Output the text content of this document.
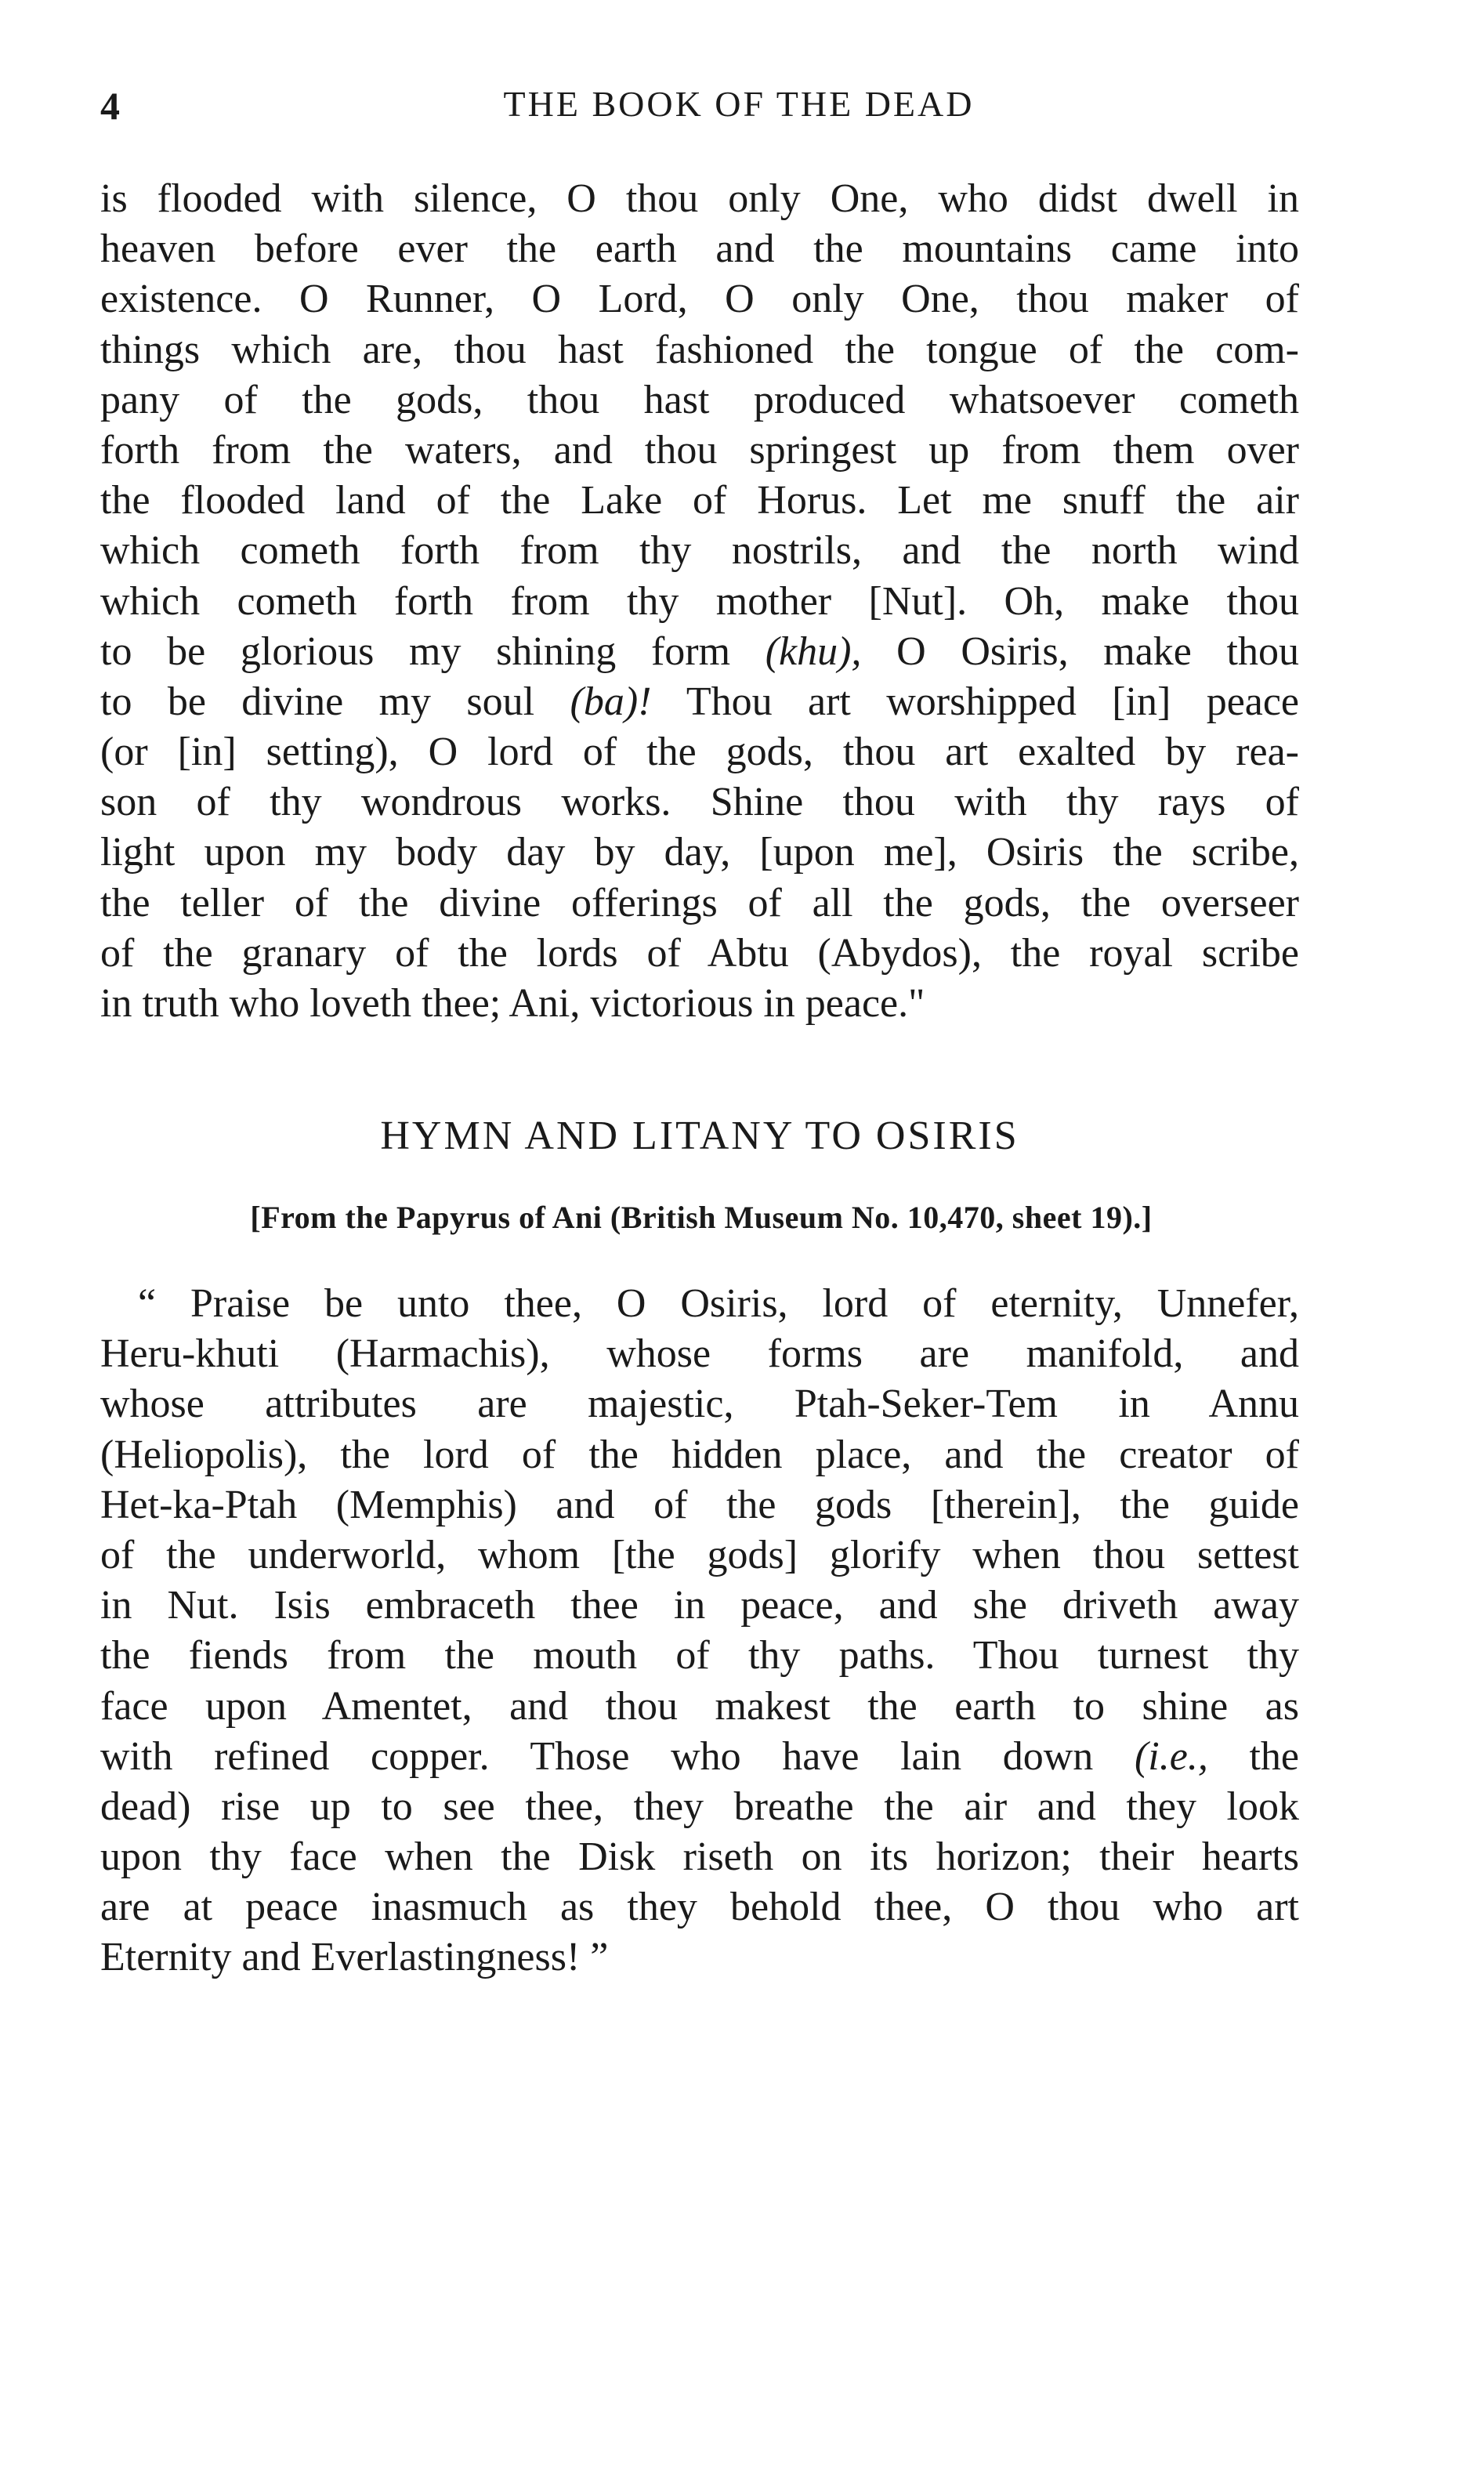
4	THE BOOK OF THE DEAD
is flooded with silence, O thou only One, who didst dwell in
heaven before ever the earth and the mountains came into
existence. O Runner, O Lord, O only One, thou maker of
things which are, thou hast fashioned the tongue of the com-
pany of the gods, thou hast produced whatsoever cometh
forth from the waters, and thou springest up from them over
the flooded land of the Lake of Horus. Let me snuff the air
which cometh forth from thy nostrils, and the north wind
which cometh forth from thy mother [Nut]. Oh, make thou
to be glorious my shining form (khu), O Osiris, make thou
to be divine my soul (ba)! Thou art worshipped [in] peace
(or [in] setting), O lord of the gods, thou art exalted by rea-
son of thy wondrous works. Shine thou with thy rays of
light upon my body day by day, [upon me], Osiris the scribe,
the teller of the divine offerings of all the gods, the overseer
of the granary of the lords of Abtu (Abydos), the royal scribe
in truth who loveth thee; Ani, victorious in peace."
HYMN AND LITANY TO OSIRIS
[From the Papyrus of Ani (British Museum No. 10,470, sheet 19).]
“ Praise be unto thee, O Osiris, lord of eternity, Unnefer,
Heru-khuti (Harmachis), whose forms are manifold, and
whose attributes are majestic, Ptah-Seker-Tem in Annu
(Heliopolis), the lord of the hidden place, and the creator of
Het-ka-Ptah (Memphis) and of the gods [therein], the guide
of the underworld, whom [the gods] glorify when thou settest
in Nut. Isis embraceth thee in peace, and she driveth away
the fiends from the mouth of thy paths. Thou turnest thy
face upon Amentet, and thou makest the earth to shine as
with refined copper. Those who have lain down (i.e., the
dead) rise up to see thee, they breathe the air and they look
upon thy face when the Disk riseth on its horizon; their hearts
are at peace inasmuch as they behold thee, O thou who art
Eternity and Everlastingness! ”
